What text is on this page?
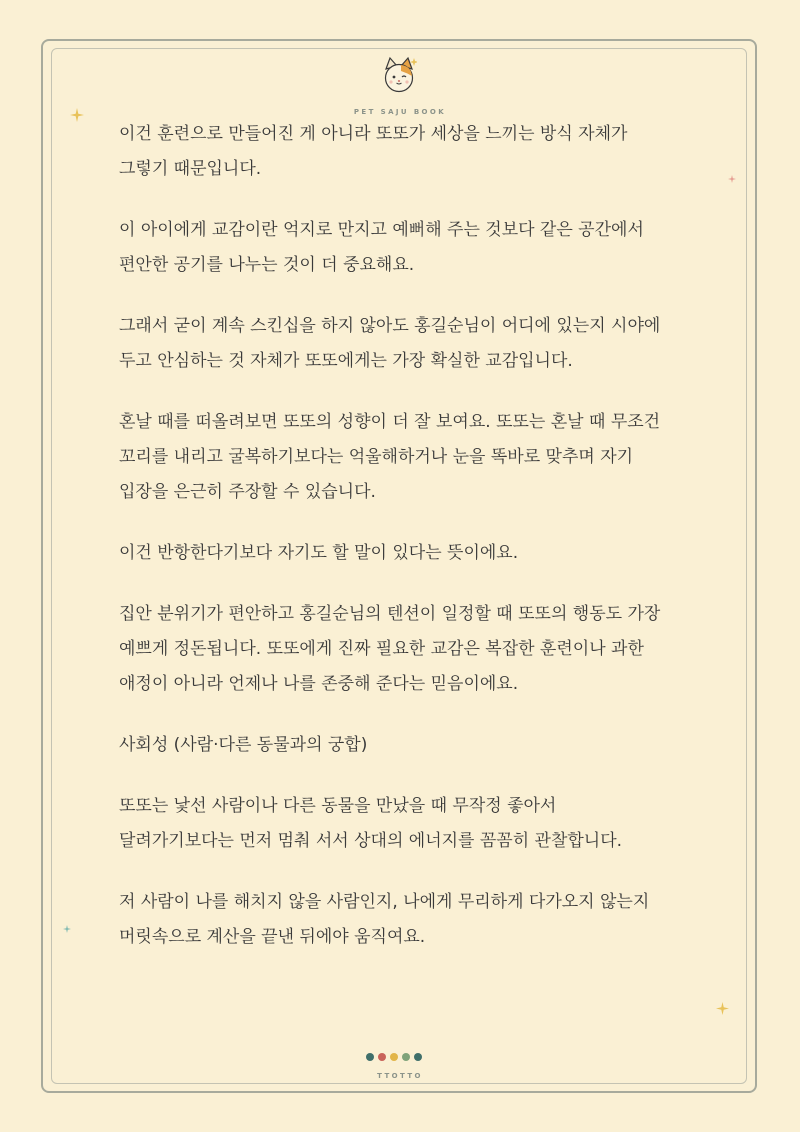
PET SAJU BOOK

이건 훈련으로 만들어진 게 아니라 또또가 세상을 느끼는 방식 자체가
그렇기 때문입니다.

이 아이에게 교감이란 억지로 만지고 예뻐해 주는 것보다 같은 공간에서
편안한 공기를 나누는 것이 더 중요해요.

그래서 굳이 계속 스킨십을 하지 않아도 홍길순님이 어디에 있는지 시야에
두고 안심하는 것 자체가 또또에게는 가장 확실한 교감입니다.

혼날 때를 떠올려보면 또또의 성향이 더 잘 보여요. 또또는 혼날 때 무조건
꼬리를 내리고 굴복하기보다는 억울해하거나 눈을 똑바로 맞추며 자기
입장을 은근히 주장할 수 있습니다.

이건 반항한다기보다 자기도 할 말이 있다는 뜻이에요.

집안 분위기가 편안하고 홍길순님의 텐션이 일정할 때 또또의 행동도 가장
예쁘게 정돈됩니다. 또또에게 진짜 필요한 교감은 복잡한 훈련이나 과한
애정이 아니라 언제나 나를 존중해 준다는 믿음이에요.

사회성 (사람·다른 동물과의 궁합)

또또는 낯선 사람이나 다른 동물을 만났을 때 무작정 좋아서
달려가기보다는 먼저 멈춰 서서 상대의 에너지를 꼼꼼히 관찰합니다.

저 사람이 나를 해치지 않을 사람인지, 나에게 무리하게 다가오지 않는지
머릿속으로 계산을 끝낸 뒤에야 움직여요.

TTOTTO
